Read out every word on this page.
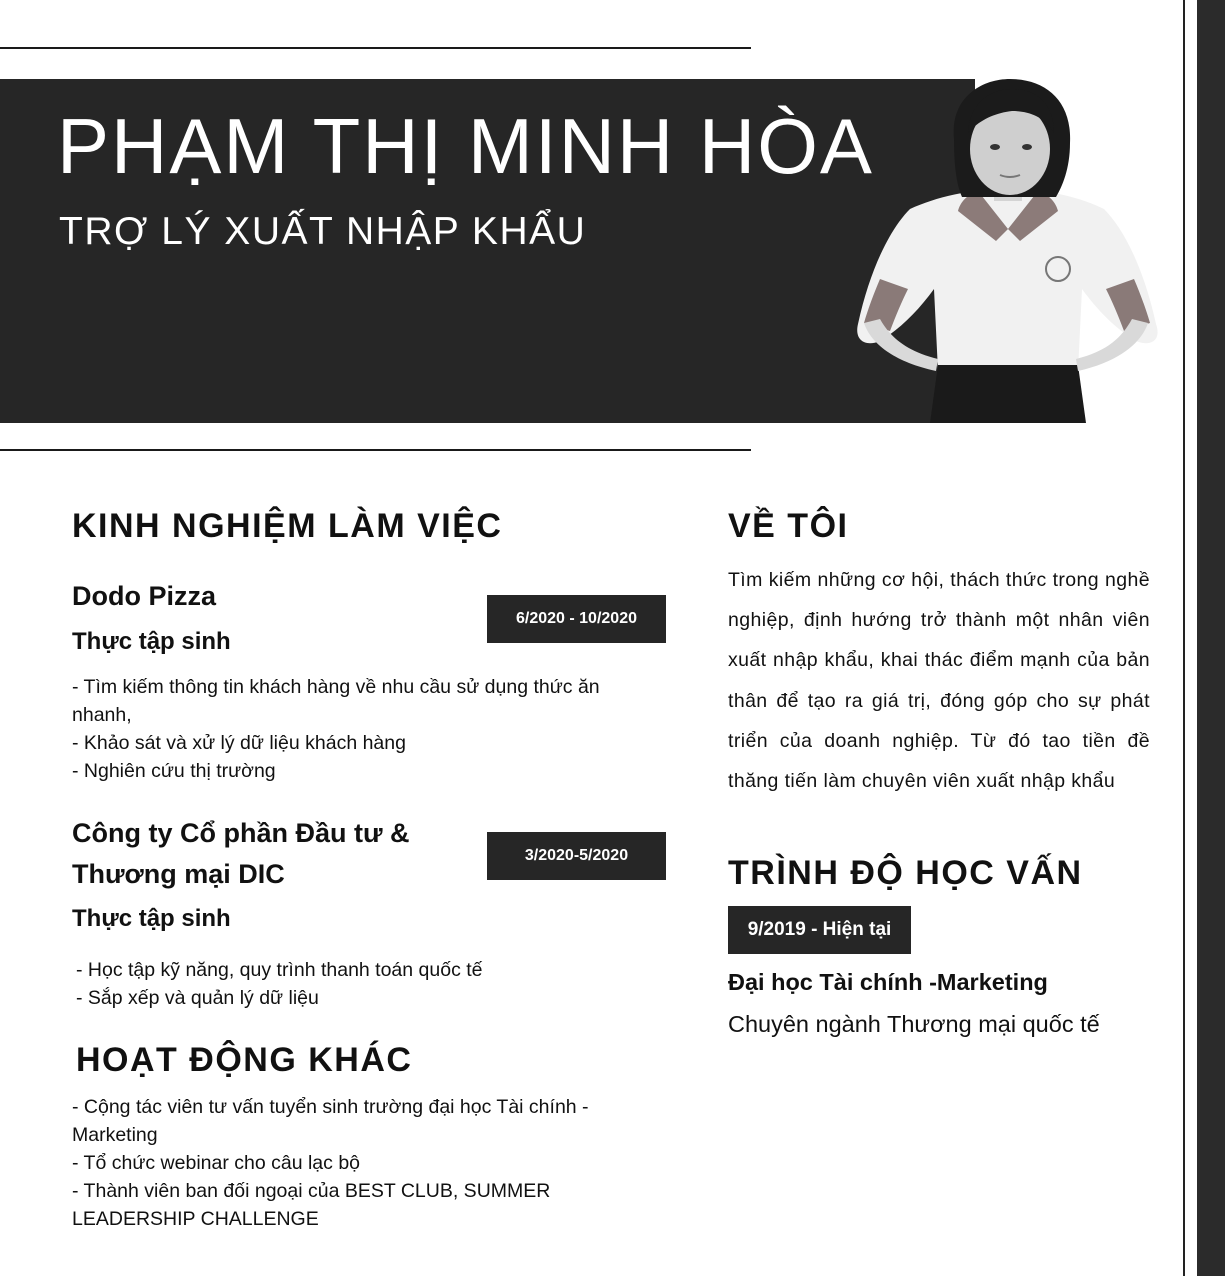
PHẠM THỊ MINH HÒA
TRỢ LÝ XUẤT NHẬP KHẨU
KINH NGHIỆM LÀM VIỆC
Dodo Pizza
Thực tập sinh
6/2020 - 10/2020
- Tìm kiếm thông tin khách hàng về nhu cầu sử dụng thức ăn nhanh,
- Khảo sát và xử lý dữ liệu khách hàng
- Nghiên cứu thị trường
Công ty Cổ phần Đầu tư & Thương mại DIC
Thực tập sinh
3/2020-5/2020
- Học tập kỹ năng, quy trình thanh toán quốc tế
- Sắp xếp và quản lý dữ liệu
HOẠT ĐỘNG KHÁC
- Cộng tác viên tư vấn tuyển sinh trường đại học Tài chính - Marketing
- Tổ chức webinar cho câu lạc bộ
- Thành viên ban đối ngoại của BEST CLUB, SUMMER LEADERSHIP CHALLENGE
VỀ TÔI

Tìm kiếm những cơ hội, thách thức trong nghề nghiệp, định hướng trở thành một nhân viên xuất nhập khẩu, khai thác điểm mạnh của bản thân để tạo ra giá trị, đóng góp cho sự phát triển của doanh nghiệp. Từ đó tao tiền đề thăng tiến làm chuyên viên xuất nhập khẩu

TRÌNH ĐỘ HỌC VẤN
9/2019 - Hiện tại
Đại học Tài chính -Marketing
Chuyên ngành Thương mại quốc tế
